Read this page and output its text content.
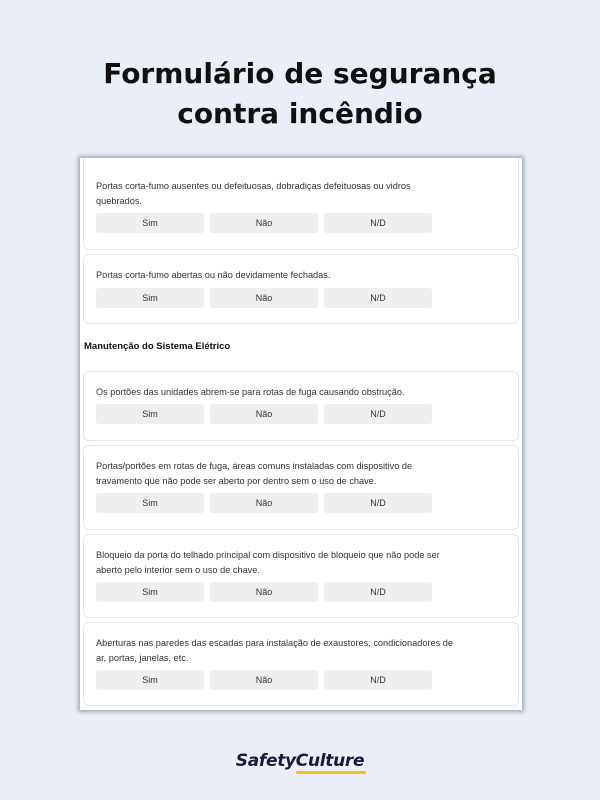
Formulário de segurança
contra incêndio
Portas corta-fumo ausentes ou defeituosas, dobradiças defeituosas ou vidros quebrados.
Sim	Não	N/D
Portas corta-fumo abertas ou não devidamente fechadas.
Sim	Não	N/D
Manutenção do Sistema Elétrico
Os portões das unidades abrem-se para rotas de fuga causando obstrução.
Sim	Não	N/D
Portas/portões em rotas de fuga, áreas comuns instaladas com dispositivo de travamento que não pode ser aberto por dentro sem o uso de chave.
Sim	Não	N/D
Bloqueio da porta do telhado principal com dispositivo de bloqueio que não pode ser aberto pelo interior sem o uso de chave.
Sim	Não	N/D
Aberturas nas paredes das escadas para instalação de exaustores, condicionadores de ar, portas, janelas, etc.
Sim	Não	N/D
SafetyCulture
